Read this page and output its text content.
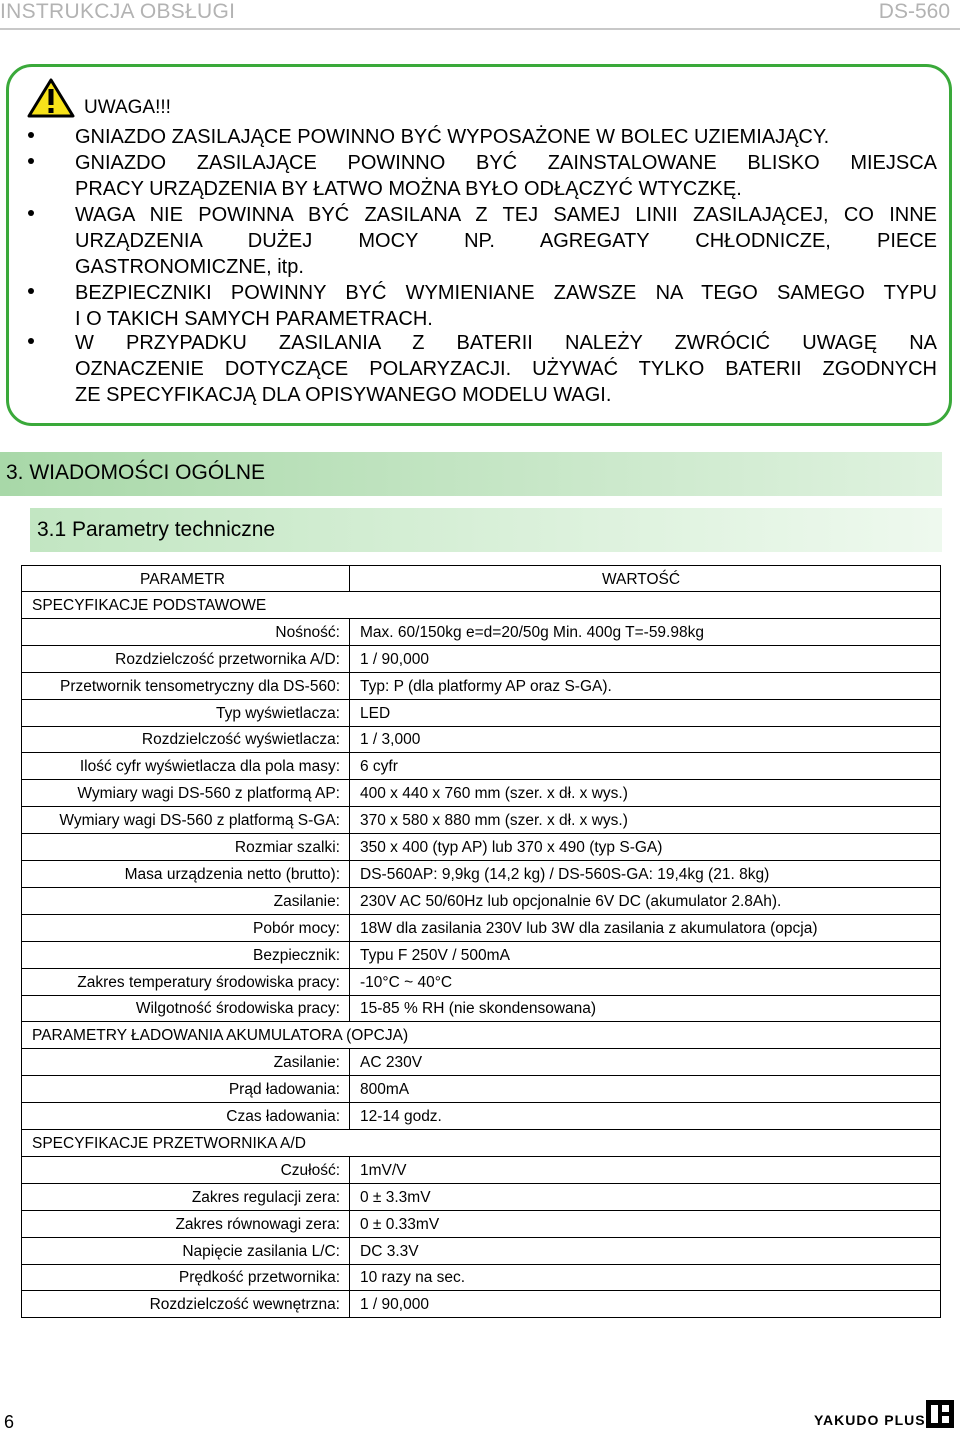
INSTRUKCJA OBSŁUGI	DS-560
UWAGA!!!
GNIAZDO ZASILAJĄCE POWINNO BYĆ WYPOSAŻONE W BOLEC UZIEMIAJĄCY.
GNIAZDO ZASILAJĄCE POWINNO BYĆ ZAINSTALOWANE BLISKO MIEJSCA
PRACY URZĄDZENIA BY ŁATWO MOŻNA BYŁO ODŁĄCZYĆ WTYCZKĘ.
WAGA NIE POWINNA BYĆ ZASILANA Z TEJ SAMEJ LINII ZASILAJĄCEJ, CO INNE
URZĄDZENIA DUŻEJ MOCY NP. AGREGATY CHŁODNICZE, PIECE
GASTRONOMICZNE, itp.
BEZPIECZNIKI POWINNY BYĆ WYMIENIANE ZAWSZE NA TEGO SAMEGO TYPU
I O TAKICH SAMYCH PARAMETRACH.
W PRZYPADKU ZASILANIA Z BATERII NALEŻY ZWRÓCIĆ UWAGĘ NA
OZNACZENIE DOTYCZĄCE POLARYZACJI. UŻYWAĆ TYLKO BATERII ZGODNYCH
ZE SPECYFIKACJĄ DLA OPISYWANEGO MODELU WAGI.
3. WIADOMOŚCI OGÓLNE
3.1 Parametry techniczne
PARAMETR	WARTOŚĆ
SPECYFIKACJE PODSTAWOWE
Nośność: Max. 60/150kg e=d=20/50g Min. 400g T=-59.98kg
Rozdzielczość przetwornika A/D: 1 / 90,000
Przetwornik tensometryczny dla DS-560: Typ: P (dla platformy AP oraz S-GA).
Typ wyświetlacza: LED
Rozdzielczość wyświetlacza: 1 / 3,000
Ilość cyfr wyświetlacza dla pola masy: 6 cyfr
Wymiary wagi DS-560 z platformą AP: 400 x 440 x 760 mm (szer. x dł. x wys.)
Wymiary wagi DS-560 z platformą S-GA: 370 x 580 x 880 mm (szer. x dł. x wys.)
Rozmiar szalki: 350 x 400 (typ AP) lub 370 x 490 (typ S-GA)
Masa urządzenia netto (brutto): DS-560AP: 9,9kg (14,2 kg) / DS-560S-GA: 19,4kg (21. 8kg)
Zasilanie: 230V AC 50/60Hz lub opcjonalnie 6V DC (akumulator 2.8Ah).
Pobór mocy: 18W dla zasilania 230V lub 3W dla zasilania z akumulatora (opcja)
Bezpiecznik: Typu F 250V / 500mA
Zakres temperatury środowiska pracy: -10°C ~ 40°C
Wilgotność środowiska pracy: 15-85 % RH (nie skondensowana)
PARAMETRY ŁADOWANIA AKUMULATORA (OPCJA)
Zasilanie: AC 230V
Prąd ładowania: 800mA
Czas ładowania: 12-14 godz.
SPECYFIKACJE PRZETWORNIKA A/D
Czułość: 1mV/V
Zakres regulacji zera: 0 ± 3.3mV
Zakres równowagi zera: 0 ± 0.33mV
Napięcie zasilania L/C: DC 3.3V
Prędkość przetwornika: 10 razy na sec.
Rozdzielczość wewnętrzna: 1 / 90,000
6	YAKUDO PLUS
